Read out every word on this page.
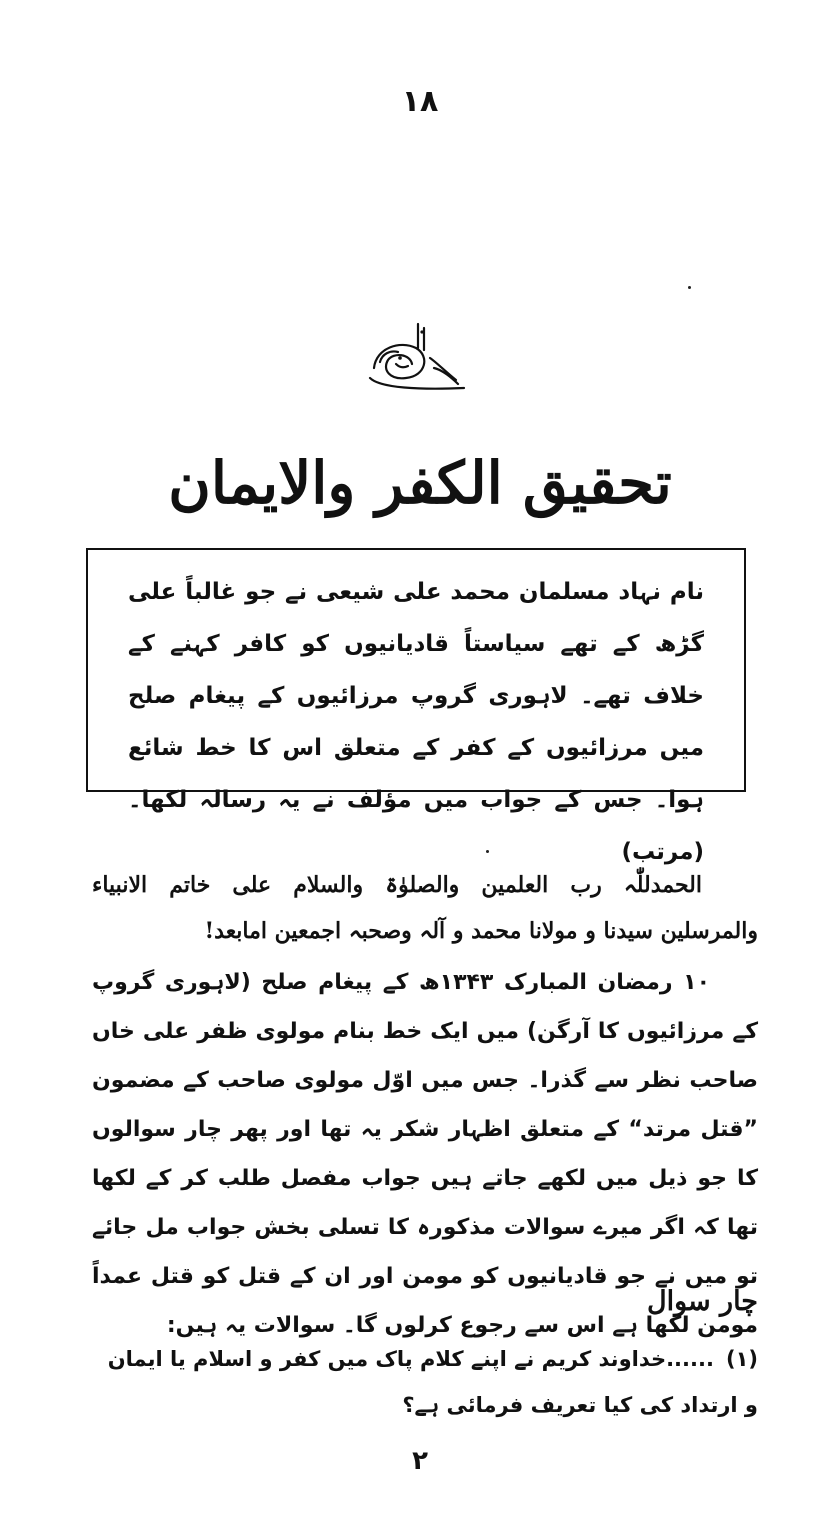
۱۸
تحقیق الکفر والایمان

نام نہاد مسلمان محمد علی شیعی نے جو غالباً علی گڑھ کے تھے سیاستاً قادیانیوں کو کافر کہنے کے خلاف تھے۔ لاہوری گروپ مرزائیوں کے پیغام صلح میں مرزائیوں کے کفر کے متعلق اس کا خط شائع ہوا۔ جس کے جواب میں مؤلف نے یہ رسالہ لکھا۔ (مرتب)

الحمدللّٰہ رب العلمین والصلوٰۃ والسلام علی خاتم الانبیاء والمرسلین سیدنا و مولانا محمد و آلہ وصحبہ اجمعین امابعد!

۱۰ رمضان المبارک ۱۳۴۳ھ کے پیغام صلح (لاہوری گروپ کے مرزائیوں کا آرگن) میں ایک خط بنام مولوی ظفر علی خاں صاحب نظر سے گذرا۔ جس میں اوّل مولوی صاحب کے مضمون ”قتل مرتد“ کے متعلق اظہار شکر یہ تھا اور پھر چار سوالوں کا جو ذیل میں لکھے جاتے ہیں جواب مفصل طلب کر کے لکھا تھا کہ اگر میرے سوالات مذکورہ کا تسلی بخش جواب مل جائے تو میں نے جو قادیانیوں کو مومن اور ان کے قتل کو قتل عمداً مومن لکھا ہے اس سے رجوع کرلوں گا۔ سوالات یہ ہیں:

چار سوال
(۱)......خداوند کریم نے اپنے کلام پاک میں کفر و اسلام یا ایمان و ارتداد کی کیا تعریف فرمائی ہے؟
۲
